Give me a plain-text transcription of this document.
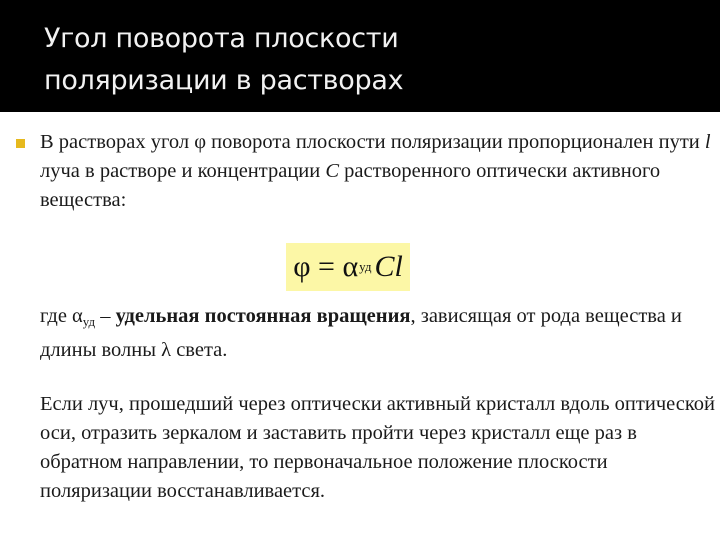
Угол поворота плоскости
поляризации в растворах
В растворах угол φ поворота плоскости поляризации пропорционален пути l луча в растворе и концентрации C растворенного оптически активного вещества:
φ = α уд Cl
где αуд – удельная постоянная вращения, зависящая от рода вещества и длины волны λ света.
Если луч, прошедший через оптически активный кристалл вдоль оптической оси, отразить зеркалом и заставить пройти через кристалл еще раз в обратном направлении, то первоначальное положение плоскости поляризации восстанавливается.
